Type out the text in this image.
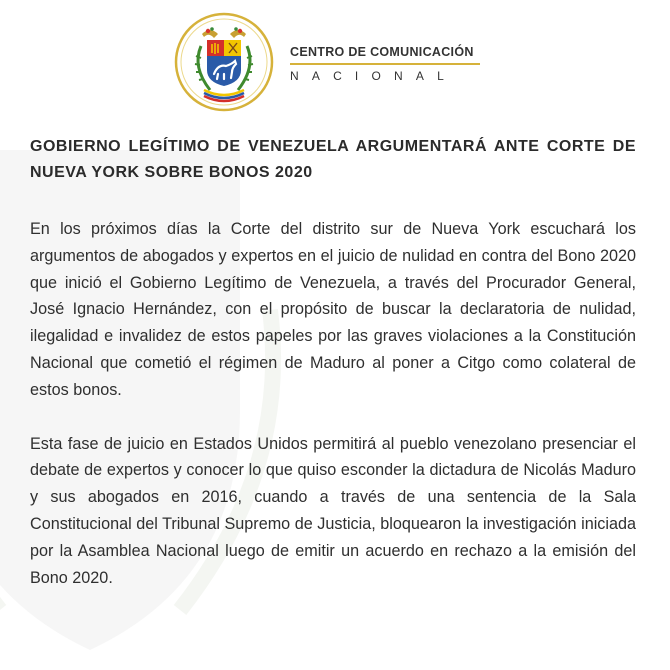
CENTRO DE COMUNICACIÓN
NACIONAL
GOBIERNO LEGÍTIMO DE VENEZUELA ARGUMENTARÁ ANTE CORTE DE NUEVA YORK SOBRE BONOS 2020

En los próximos días la Corte del distrito sur de Nueva York escuchará los argumentos de abogados y expertos en el juicio de nulidad en contra del Bono 2020 que inició el Gobierno Legítimo de Venezuela, a través del Procurador General, José Ignacio Hernández, con el propósito de buscar la declaratoria de nulidad, ilegalidad e invalidez de estos papeles por las graves violaciones a la Constitución Nacional que cometió el régimen de Maduro al poner a Citgo como colateral de estos bonos.

Esta fase de juicio en Estados Unidos permitirá al pueblo venezolano presenciar el debate de expertos y conocer lo que quiso esconder la dictadura de Nicolás Maduro y sus abogados en 2016, cuando a través de una sentencia de la Sala Constitucional del Tribunal Supremo de Justicia, bloquearon la investigación iniciada por la Asamblea Nacional luego de emitir un acuerdo en rechazo a la emisión del Bono 2020.
